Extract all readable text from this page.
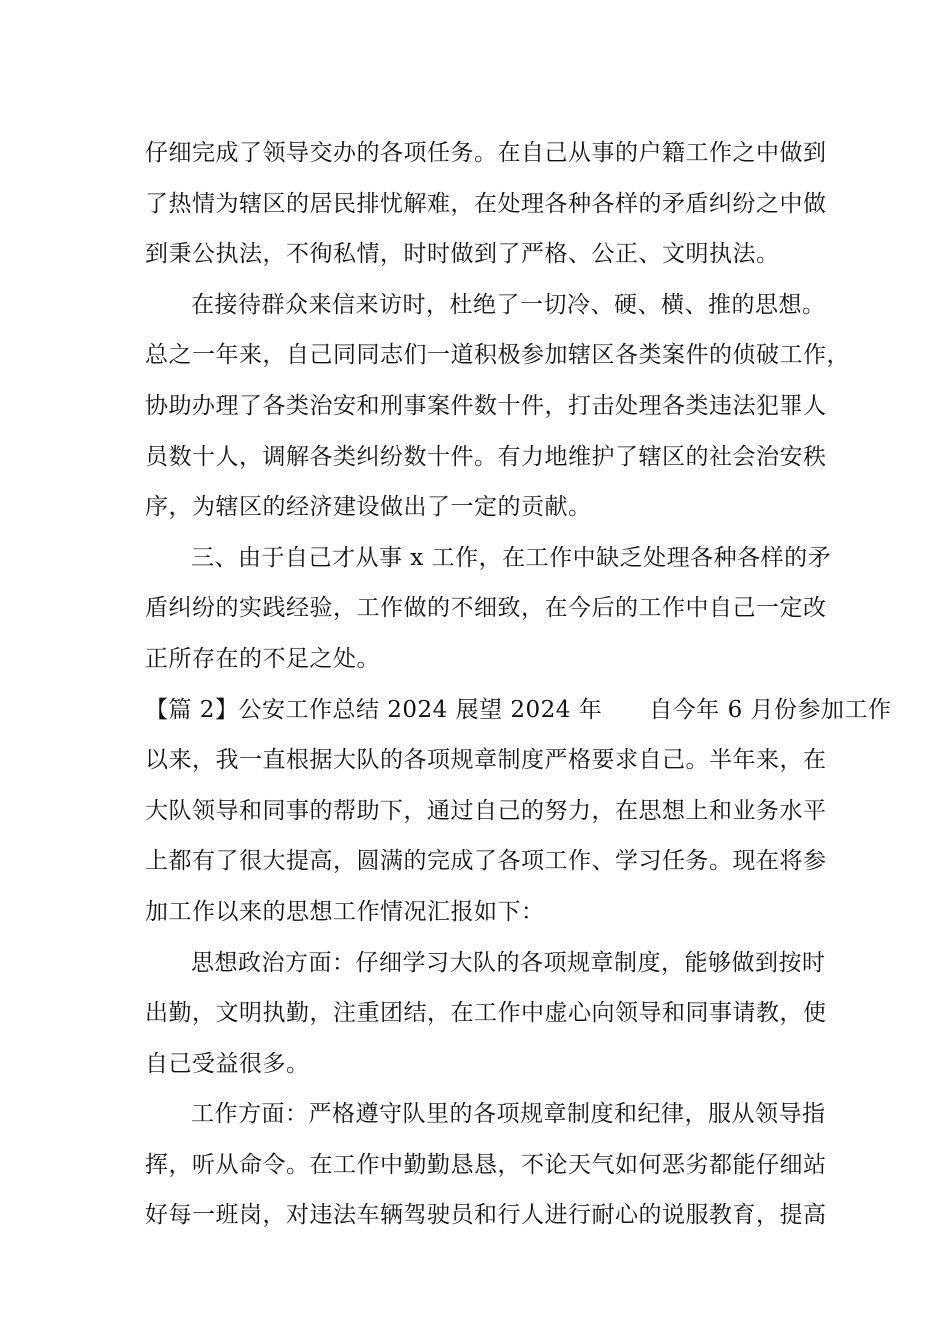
仔细完成了领导交办的各项任务。在自己从事的户籍工作之中做到
了热情为辖区的居民排忧解难，在处理各种各样的矛盾纠纷之中做
到秉公执法，不徇私情，时时做到了严格、公正、文明执法。
在接待群众来信来访时，杜绝了一切冷、硬、横、推的思想。
总之一年来，自己同同志们一道积极参加辖区各类案件的侦破工作，
协助办理了各类治安和刑事案件数十件，打击处理各类违法犯罪人
员数十人，调解各类纠纷数十件。有力地维护了辖区的社会治安秩
序，为辖区的经济建设做出了一定的贡献。
三、由于自己才从事 x 工作，在工作中缺乏处理各种各样的矛
盾纠纷的实践经验，工作做的不细致，在今后的工作中自己一定改
正所存在的不足之处。
【篇 2】公安工作总结 2024 展望 2024 年　　自今年 6 月份参加工作
以来，我一直根据大队的各项规章制度严格要求自己。半年来，在
大队领导和同事的帮助下，通过自己的努力，在思想上和业务水平
上都有了很大提高，圆满的完成了各项工作、学习任务。现在将参
加工作以来的思想工作情况汇报如下：
思想政治方面：仔细学习大队的各项规章制度，能够做到按时
出勤，文明执勤，注重团结，在工作中虚心向领导和同事请教，使
自己受益很多。
工作方面：严格遵守队里的各项规章制度和纪律，服从领导指
挥，听从命令。在工作中勤勤恳恳，不论天气如何恶劣都能仔细站
好每一班岗，对违法车辆驾驶员和行人进行耐心的说服教育，提高
